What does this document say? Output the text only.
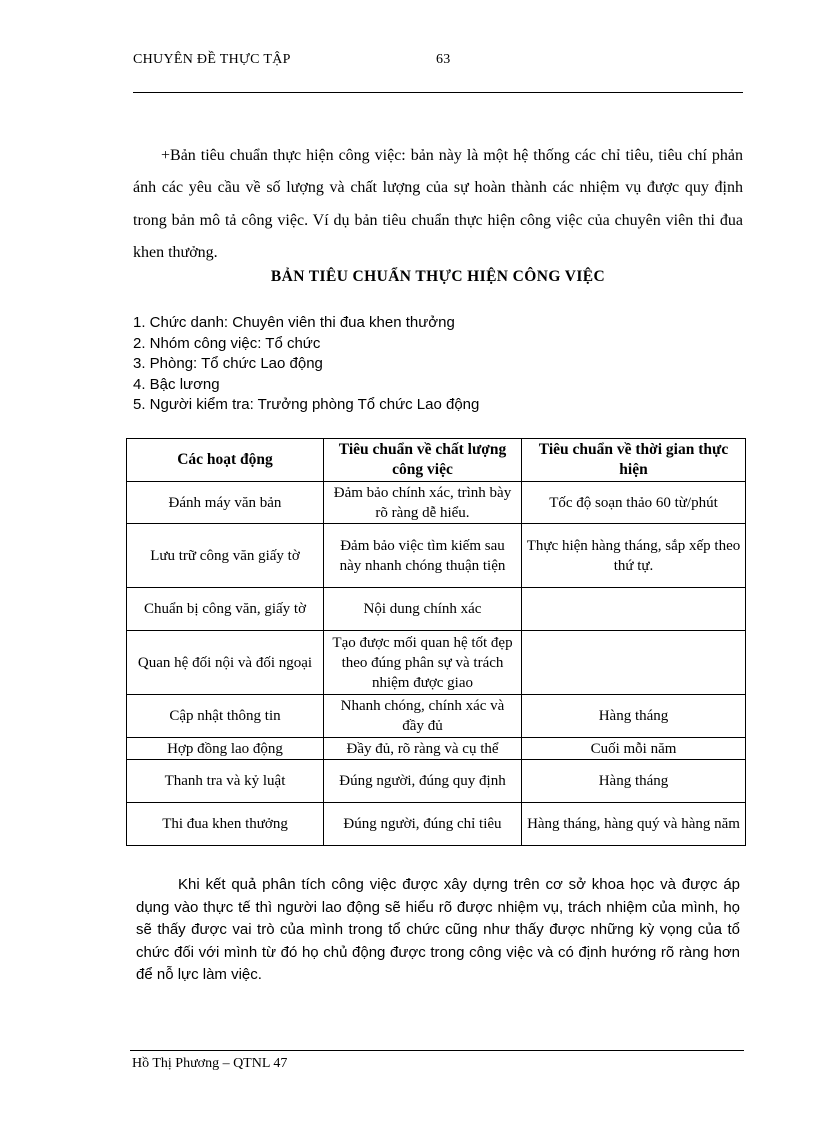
CHUYÊN ĐỀ THỰC TẬP	63

+Bản tiêu chuẩn thực hiện công việc: bản này là một hệ thống các chỉ tiêu, tiêu chí phản ánh các yêu cầu về số lượng và chất lượng của sự hoàn thành các nhiệm vụ được quy định trong bản mô tả công việc. Ví dụ bản tiêu chuẩn thực hiện công việc của chuyên viên thi đua khen thưởng.

BẢN TIÊU CHUẨN THỰC HIỆN CÔNG VIỆC
1. Chức danh: Chuyên viên thi đua khen thưởng
2. Nhóm công việc: Tổ chức
3. Phòng: Tổ chức Lao động
4. Bậc lương
5. Người kiểm tra: Trưởng phòng Tổ chức Lao động
Các hoạt động	Tiêu chuẩn về chất lượng công việc	Tiêu chuẩn về thời gian thực hiện
Đánh máy văn bản	Đảm bảo chính xác, trình bày rõ ràng dễ hiểu.	Tốc độ soạn thảo 60 từ/phút
Lưu trữ công văn giấy tờ	Đảm bảo việc tìm kiếm sau này nhanh chóng thuận tiện	Thực hiện hàng tháng, sắp xếp theo thứ tự.
Chuẩn bị công văn, giấy tờ	Nội dung chính xác	
Quan hệ đối nội và đối ngoại	Tạo được mối quan hệ tốt đẹp theo đúng phân sự và trách nhiệm được giao	
Cập nhật thông tin	Nhanh chóng, chính xác và đầy đủ	Hàng tháng
Hợp đồng lao động	Đầy đủ, rõ ràng và cụ thể	Cuối mỗi năm
Thanh tra và kỷ luật	Đúng người, đúng quy định	Hàng tháng
Thi đua khen thưởng	Đúng người, đúng chỉ tiêu	Hàng tháng, hàng quý và hàng năm

Khi kết quả phân tích công việc được xây dựng trên cơ sở khoa học và được áp dụng vào thực tế thì người lao động sẽ hiểu rõ được nhiệm vụ, trách nhiệm của mình, họ sẽ thấy được vai trò của mình trong tổ chức cũng như thấy được những kỳ vọng của tổ chức đối với mình từ đó họ chủ động được trong công việc và có định hướng rõ ràng hơn để nỗ lực làm việc.

Hồ Thị Phương – QTNL 47
